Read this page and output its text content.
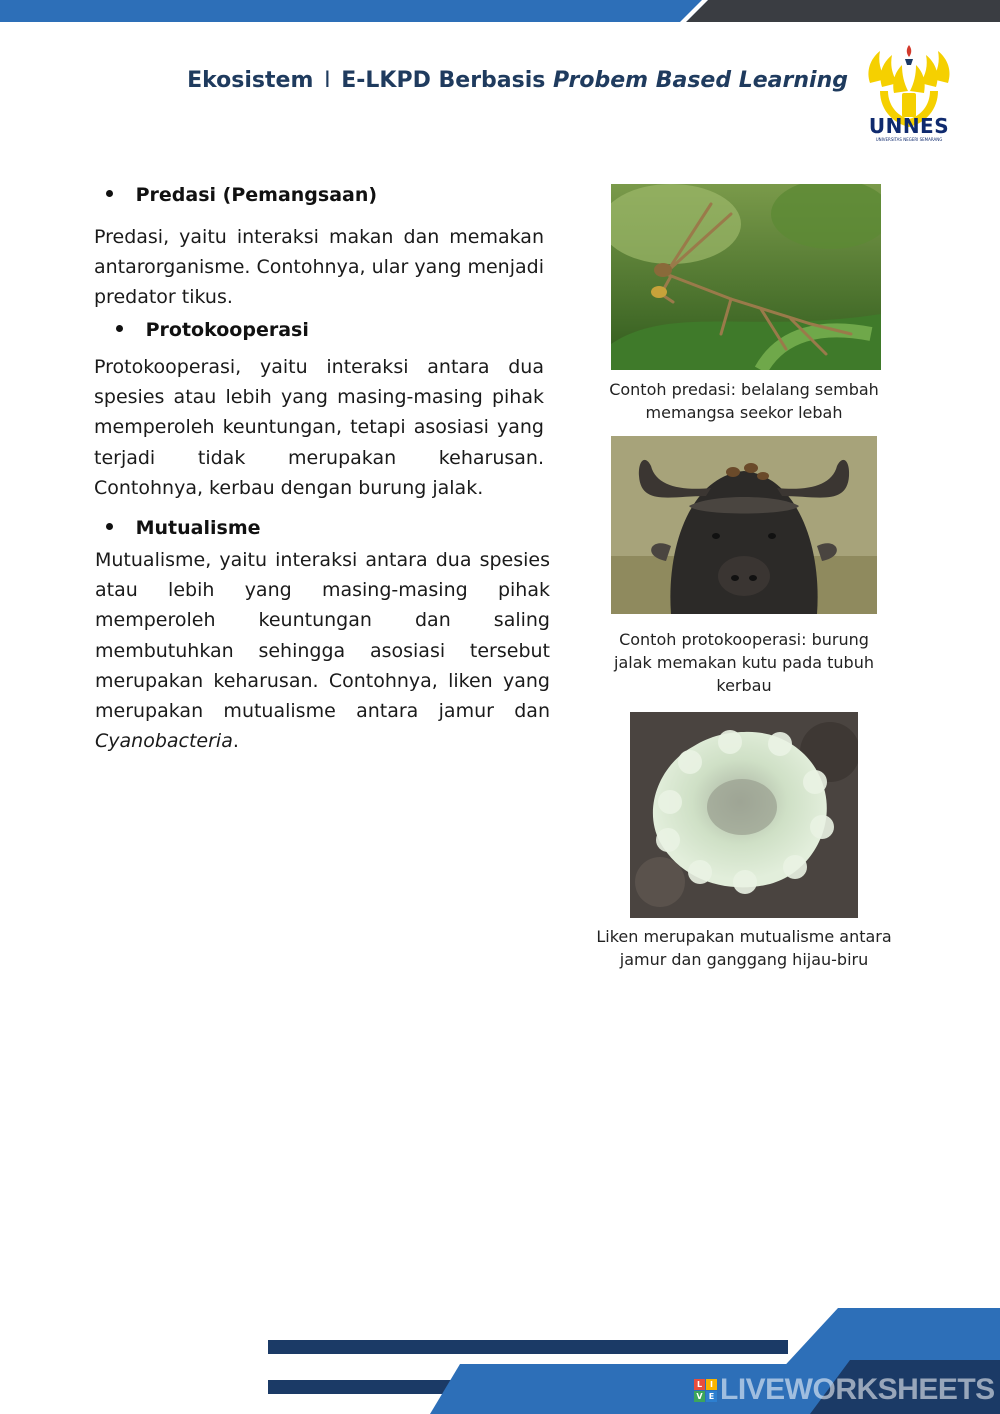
Ekosistem I E-LKPD Berbasis Probem Based Learning
UNNES
UNIVERSITAS NEGERI SEMARANG
Predasi (Pemangsaan)
Predasi, yaitu interaksi makan dan memakan antarorganisme. Contohnya, ular yang menjadi predator tikus.
Protokooperasi
Protokooperasi, yaitu interaksi antara dua spesies atau lebih yang masing-masing pihak memperoleh keuntungan, tetapi asosiasi yang terjadi tidak merupakan keharusan. Contohnya, kerbau dengan burung jalak.
Mutualisme
Mutualisme, yaitu interaksi antara dua spesies atau lebih yang masing-masing pihak memperoleh keuntungan dan saling membutuhkan sehingga asosiasi tersebut merupakan keharusan. Contohnya, liken yang merupakan mutualisme antara jamur dan Cyanobacteria.
Contoh predasi: belalang sembah memangsa seekor lebah
Contoh protokooperasi: burung jalak memakan kutu pada tubuh kerbau
Liken merupakan mutualisme antara jamur dan ganggang hijau-biru
L I
V E LIVEWORKSHEETS
